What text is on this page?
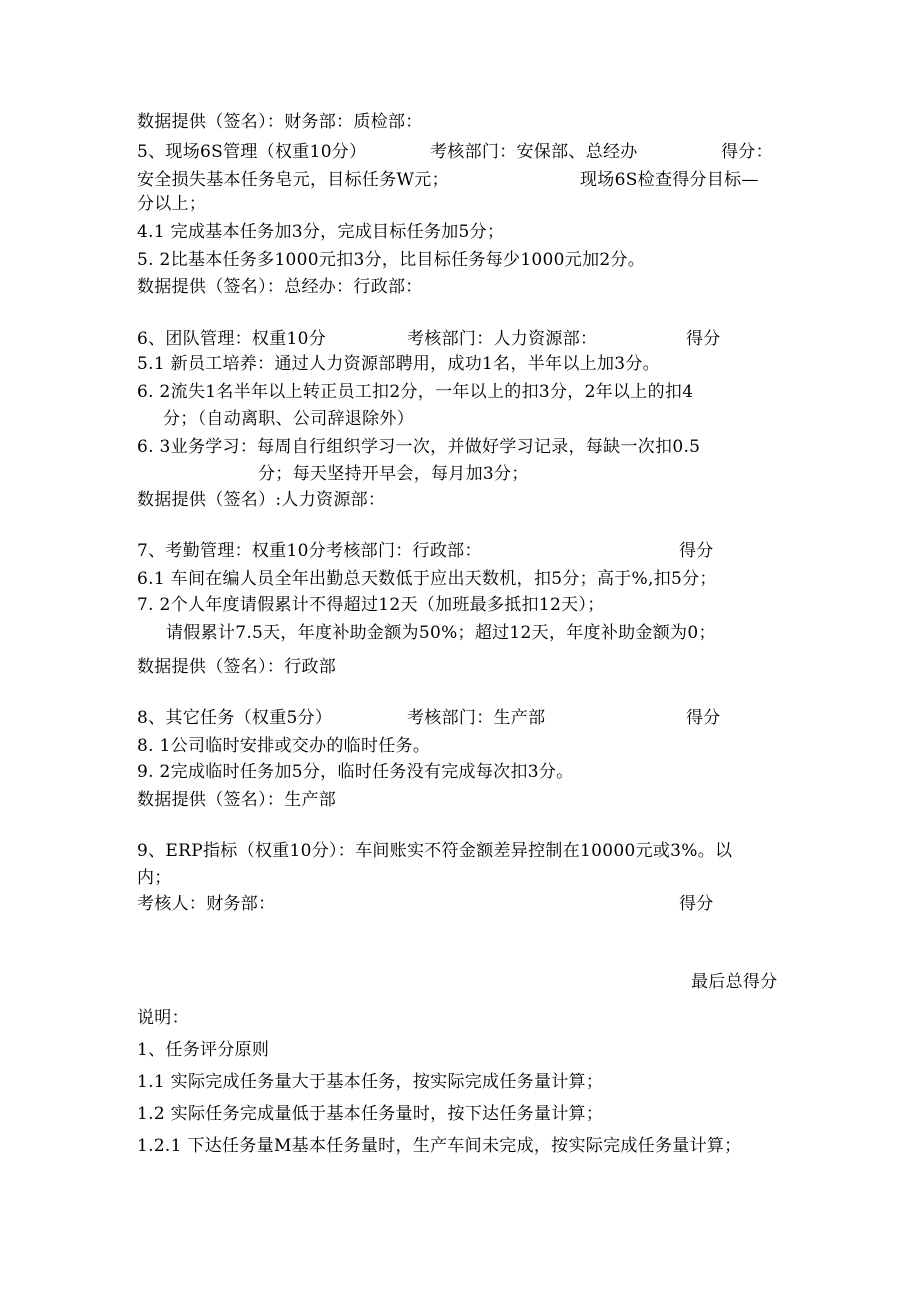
数据提供（签名）：财务部：质检部：
5、现场6S管理（权重10分）	考核部门：安保部、总经办	得分：
安全损失基本任务皂元，目标任务W元；	现场6S检查得分目标—
分以上；
4.1 完成基本任务加3分，完成目标任务加5分；
5. 2比基本任务多1000元扣3分，比目标任务每少1000元加2分。
数据提供（签名）：总经办：行政部：
6、团队管理：权重10分	考核部门：人力资源部：	得分
5.1 新员工培养：通过人力资源部聘用，成功1名，半年以上加3分。
6. 2流失1名半年以上转正员工扣2分，一年以上的扣3分，2年以上的扣4
分；（自动离职、公司辞退除外）
6. 3业务学习：每周自行组织学习一次，并做好学习记录，每缺一次扣0.5
分；每天坚持开早会，每月加3分；
数据提供（签名）:人力资源部：
7、考勤管理：权重10分考核部门：行政部：	得分
6.1 车间在编人员全年出勤总天数低于应出天数机，扣5分；高于%,扣5分；
7. 2个人年度请假累计不得超过12天（加班最多抵扣12天）；
请假累计7.5天，年度补助金额为50%；超过12天，年度补助金额为0；
数据提供（签名）：行政部
8、其它任务（权重5分）	考核部门：生产部	得分
8. 1公司临时安排或交办的临时任务。
9. 2完成临时任务加5分，临时任务没有完成每次扣3分。
数据提供（签名）：生产部
9、ERP指标（权重10分）：车间账实不符金额差异控制在10000元或3%。以
内；
考核人：财务部：	得分
最后总得分
说明：
1、任务评分原则
1.1 实际完成任务量大于基本任务，按实际完成任务量计算；
1.2 实际任务完成量低于基本任务量时，按下达任务量计算；
1.2.1 下达任务量M基本任务量时，生产车间未完成，按实际完成任务量计算；
